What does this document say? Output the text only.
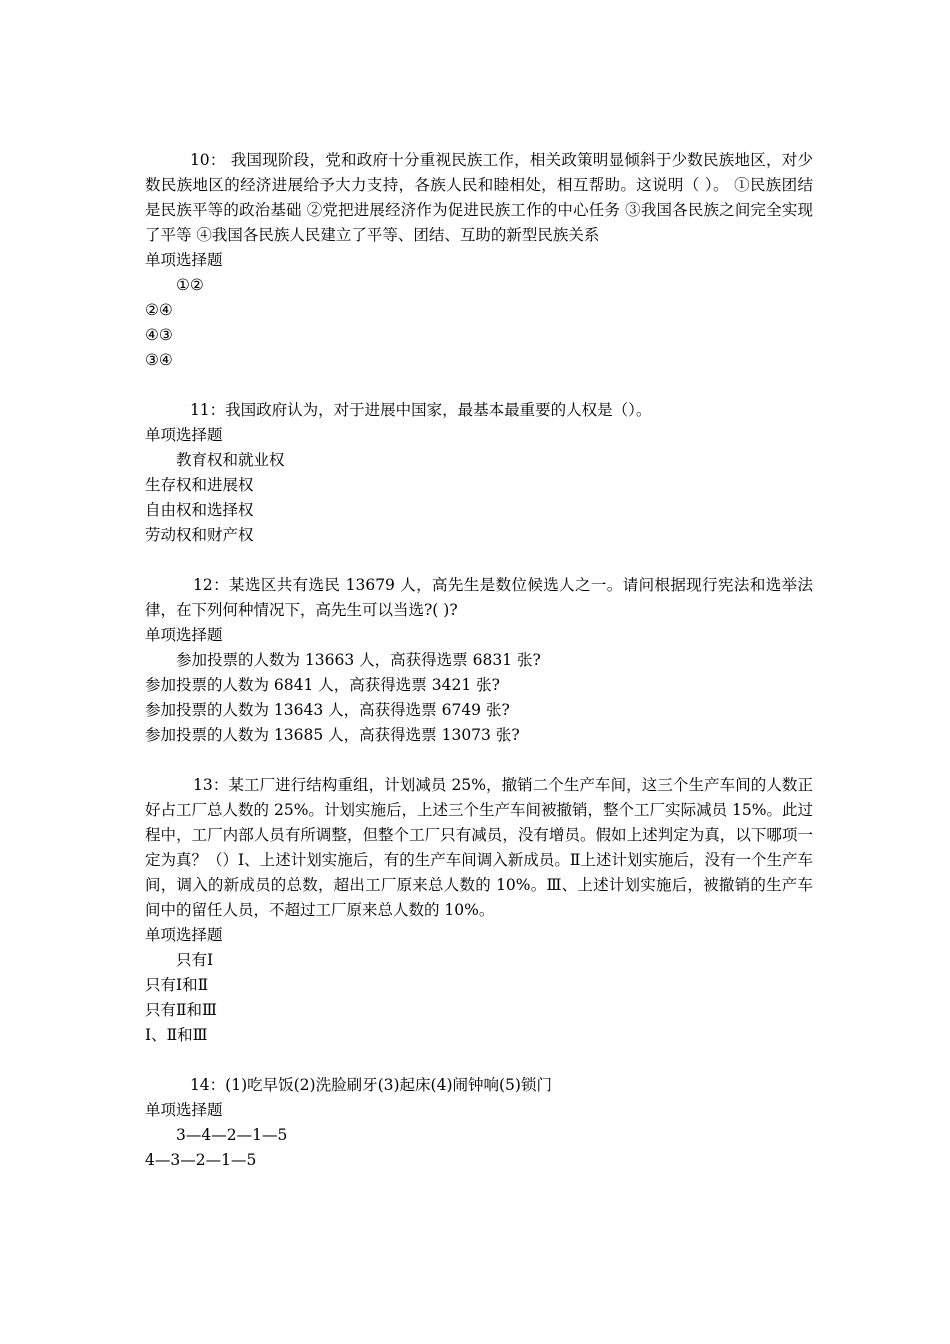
10： 我国现阶段，党和政府十分重视民族工作，相关政策明显倾斜于少数民族地区，对少数民族地区的经济进展给予大力支持，各族人民和睦相处，相互帮助。这说明（ ）。 ①民族团结是民族平等的政治基础 ②党把进展经济作为促进民族工作的中心任务 ③我国各民族之间完全实现了平等 ④我国各民族人民建立了平等、团结、互助的新型民族关系

单项选择题

①②
②④
④③
③④

11：我国政府认为，对于进展中国家，最基本最重要的人权是（）。

单项选择题

教育权和就业权
生存权和进展权
自由权和选择权
劳动权和财产权

12：某选区共有选民 13679 人，高先生是数位候选人之一。请问根据现行宪法和选举法律，在下列何种情况下，高先生可以当选?( )?

单项选择题

参加投票的人数为 13663 人，高获得选票 6831 张?
参加投票的人数为 6841 人，高获得选票 3421 张?
参加投票的人数为 13643 人，高获得选票 6749 张?
参加投票的人数为 13685 人，高获得选票 13073 张?

13：某工厂进行结构重组，计划减员 25%，撤销二个生产车间，这三个生产车间的人数正好占工厂总人数的 25%。计划实施后，上述三个生产车间被撤销，整个工厂实际减员 15%。此过程中，工厂内部人员有所调整，但整个工厂只有减员，没有增员。假如上述判定为真，以下哪项一定为真？（）Ⅰ、上述计划实施后，有的生产车间调入新成员。Ⅱ上述计划实施后，没有一个生产车间，调入的新成员的总数，超出工厂原来总人数的 10%。Ⅲ、上述计划实施后，被撤销的生产车间中的留任人员，不超过工厂原来总人数的 10%。

单项选择题

只有Ⅰ
只有Ⅰ和Ⅱ
只有Ⅱ和Ⅲ
Ⅰ、Ⅱ和Ⅲ

14：(1)吃早饭(2)洗脸刷牙(3)起床(4)闹钟响(5)锁门

单项选择题

3—4—2—1—5
4—3—2—1—5
